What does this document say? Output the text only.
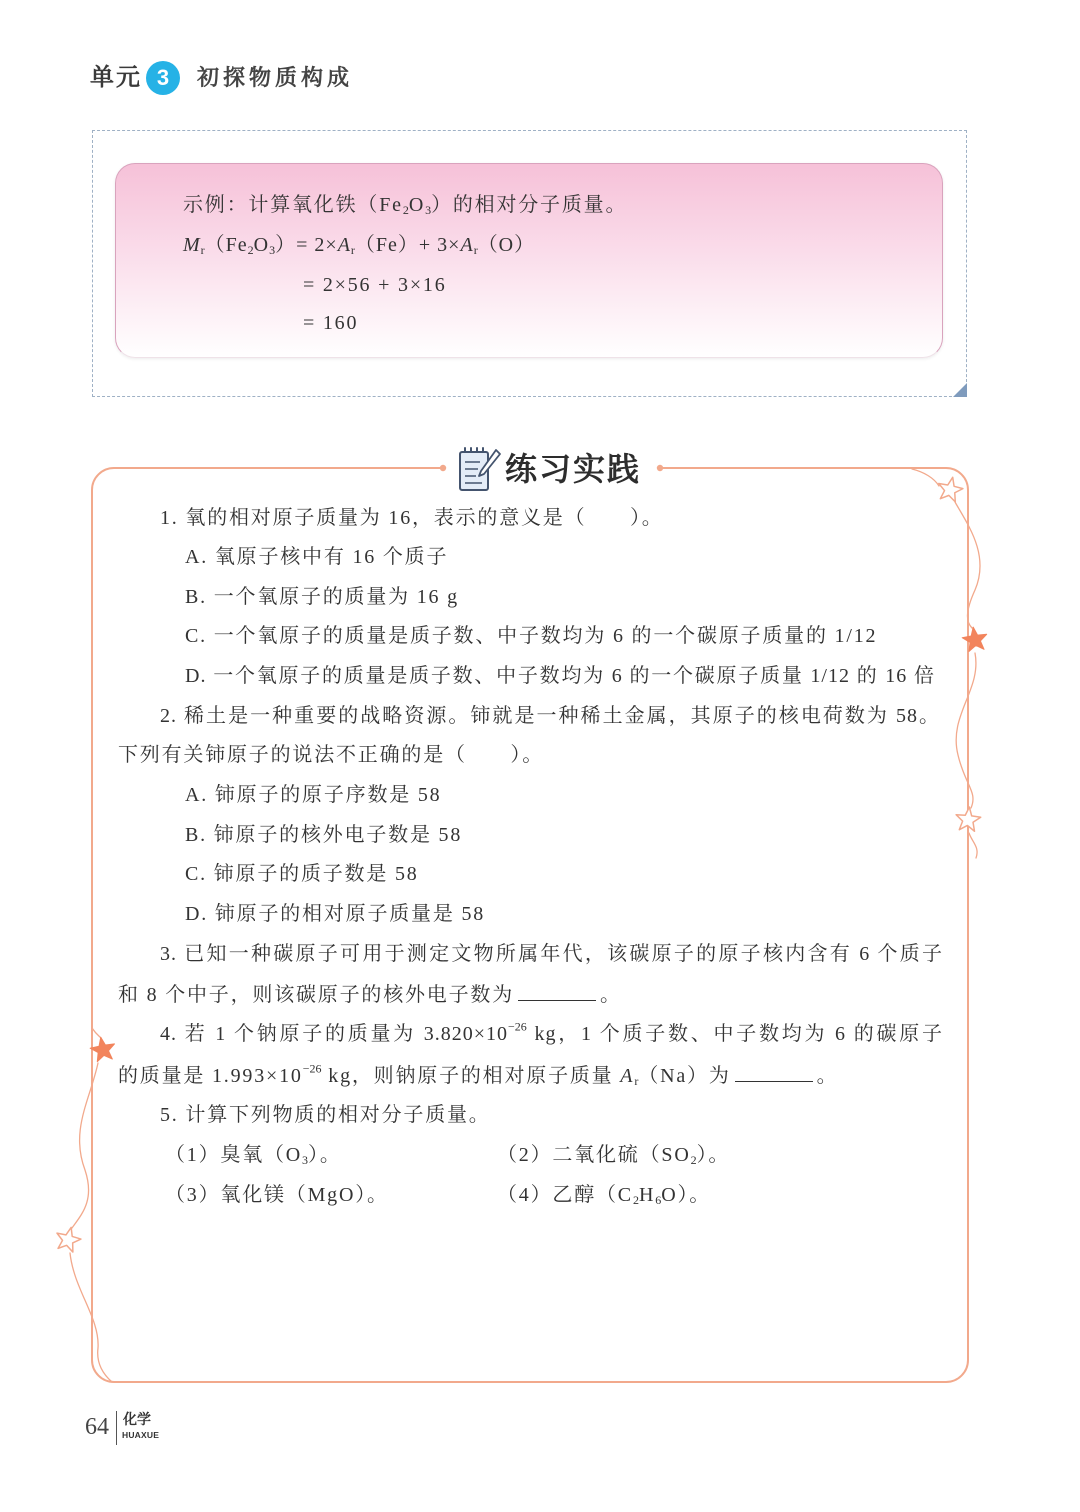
单元 3	初探物质构成
示例：计算氧化铁$(Fe_2O_3)$的相对分子质量。
$M_r(Fe_2O_3)= 2\times A_r(Fe)+ 3\times A_r(O)$
= 2×56 + 3×16
= 160
练习实践
1. 氧的相对原子质量为 16，表示的意义是（　　）。
A. 氧原子核中有 16 个质子
B. 一个氧原子的质量为 16 g
C. 一个氧原子的质量是质子数、中子数均为 6 的一个碳原子质量的 1/12
D. 一个氧原子的质量是质子数、中子数均为 6 的一个碳原子质量 1/12 的 16 倍
2. 稀土是一种重要的战略资源。铈就是一种稀土金属，其原子的核电荷数为 58。
下列有关铈原子的说法不正确的是（　　）。
A. 铈原子的原子序数是 58
B. 铈原子的核外电子数是 58
C. 铈原子的质子数是 58
D. 铈原子的相对原子质量是 58
3. 已知一种碳原子可用于测定文物所属年代，该碳原子的原子核内含有 6 个质子
和 8 个中子，则该碳原子的核外电子数为	。
4. 若 1 个钠原子的质量为 $3.820\times 10^{-26}$ kg，1 个质子数、中子数均为 6 的碳原子
的质量是 $1.993\times 10^{-26}$ kg，则钠原子的相对原子质量 $A_r(Na)$为	。
5. 计算下列物质的相对分子质量。
（1）臭氧$(O_3)$。	（2）二氧化硫$(SO_2)$。
（3）氧化镁（MgO）。	（4）乙醇$(C_2H_6O)$。
64 化学
HUAXUE
